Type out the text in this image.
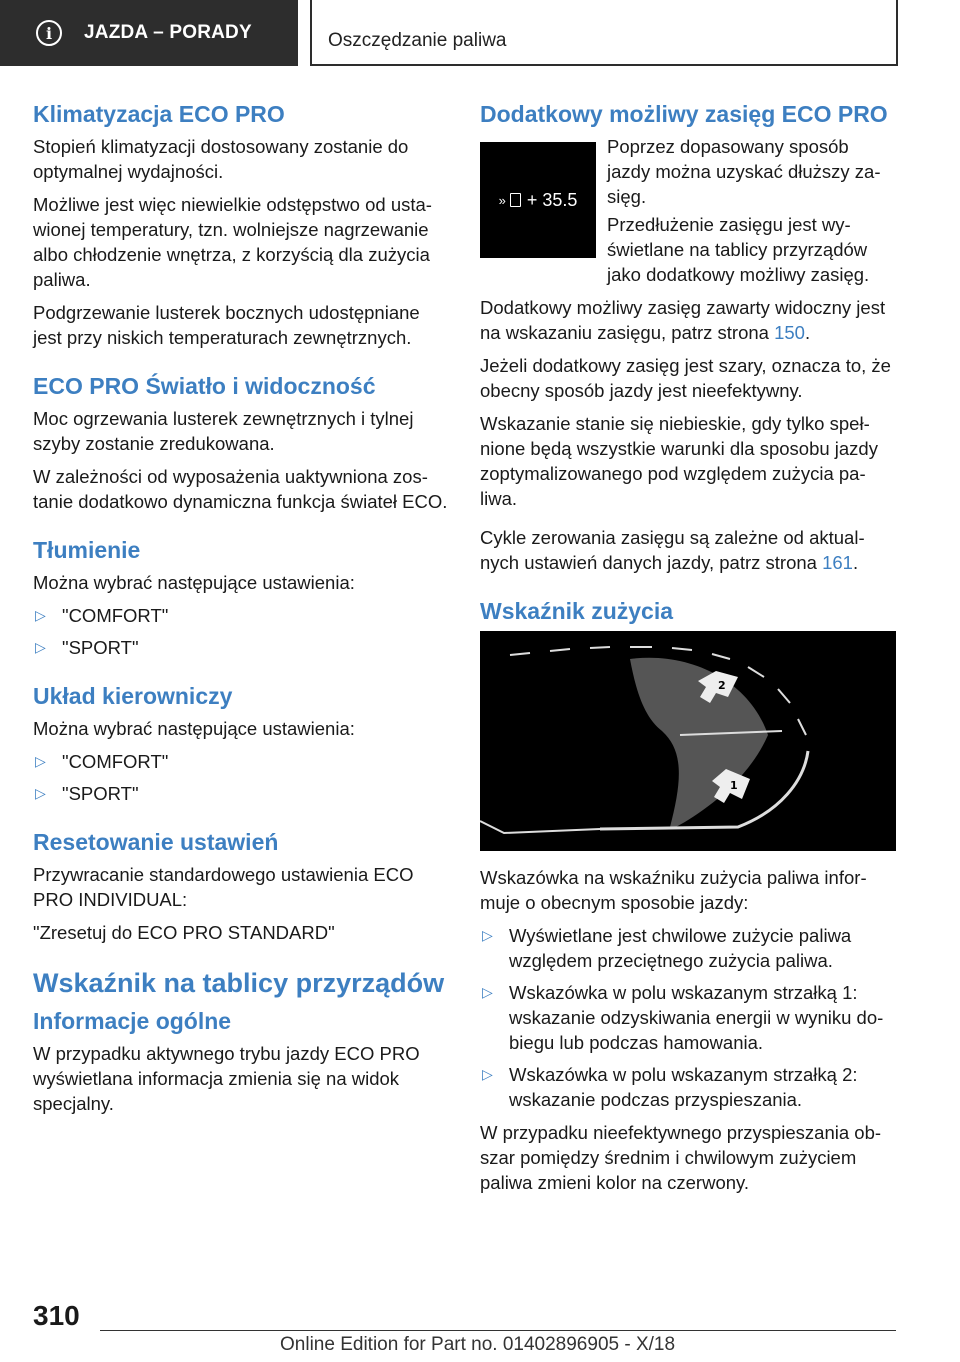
i	JAZDA – PORADY	Oszczędzanie paliwa
Klimatyzacja ECO PRO

Stopień klimatyzacji dostosowany zostanie do optymalnej wydajności.

Możliwe jest więc niewielkie odstępstwo od ustawionej temperatury, tzn. wolniejsze nagrzewanie albo chłodzenie wnętrza, z korzyścią dla zużycia paliwa.

Podgrzewanie lusterek bocznych udostępniane jest przy niskich temperaturach zewnętrznych.

ECO PRO Światło i widoczność

Moc ogrzewania lusterek zewnętrznych i tylnej szyby zostanie zredukowana.

W zależności od wyposażenia uaktywniona zostanie dodatkowo dynamiczna funkcja świateł ECO.

Tłumienie

Można wybrać następujące ustawienia:

▷ "COMFORT"
▷ "SPORT"
Układ kierowniczy

Można wybrać następujące ustawienia:

▷ "COMFORT"
▷ "SPORT"
Resetowanie ustawień

Przywracanie standardowego ustawienia ECO PRO INDIVIDUAL:

"Zresetuj do ECO PRO STANDARD"

Wskaźnik na tablicy przyrządów
Informacje ogólne

W przypadku aktywnego trybu jazdy ECO PRO wyświetlana informacja zmienia się na widok specjalny.

Dodatkowy możliwy zasięg ECO PRO
» + 35.5

Poprzez dopasowany sposób jazdy można uzyskać dłuższy zasięg.

Przedłużenie zasięgu jest wyświetlane na tablicy przyrządów jako dodatkowy możliwy zasięg.

Dodatkowy możliwy zasięg zawarty widoczny jest na wskazaniu zasięgu, patrz strona 150.

Jeżeli dodatkowy zasięg jest szary, oznacza to, że obecny sposób jazdy jest nieefektywny.

Wskazanie stanie się niebieskie, gdy tylko spełnione będą wszystkie warunki dla sposobu jazdy zoptymalizowanego pod względem zużycia paliwa.

Cykle zerowania zasięgu są zależne od aktualnych ustawień danych jazdy, patrz strona 161.

Wskaźnik zużycia
2
1

Wskazówka na wskaźniku zużycia paliwa informuje o obecnym sposobie jazdy:

▷ Wyświetlane jest chwilowe zużycie paliwa względem przeciętnego zużycia paliwa.
▷ Wskazówka w polu wskazanym strzałką 1: wskazanie odzyskiwania energii w wyniku dobiegu lub podczas hamowania.
▷ Wskazówka w polu wskazanym strzałką 2: wskazanie podczas przyspieszania.

W przypadku nieefektywnego przyspieszania obszar pomiędzy średnim i chwilowym zużyciem paliwa zmieni kolor na czerwony.

310
Online Edition for Part no. 01402896905 - X/18
